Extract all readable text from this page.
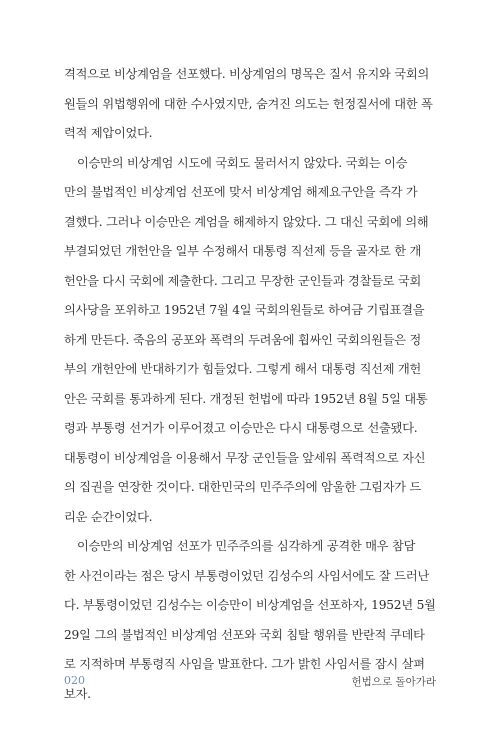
격적으로 비상계엄을 선포했다. 비상계엄의 명목은 질서 유지와 국회의
원들의 위법행위에 대한 수사였지만, 숨겨진 의도는 헌정질서에 대한 폭
력적 제압이었다.
이승만의 비상계엄 시도에 국회도 물러서지 않았다. 국회는 이승
만의 불법적인 비상계엄 선포에 맞서 비상계엄 해제요구안을 즉각 가
결했다. 그러나 이승만은 계엄을 해제하지 않았다. 그 대신 국회에 의해
부결되었던 개헌안을 일부 수정해서 대통령 직선제 등을 골자로 한 개
헌안을 다시 국회에 제출한다. 그리고 무장한 군인들과 경찰들로 국회
의사당을 포위하고 1952년 7월 4일 국회의원들로 하여금 기립표결을
하게 만든다. 죽음의 공포와 폭력의 두려움에 휩싸인 국회의원들은 정
부의 개헌안에 반대하기가 힘들었다. 그렇게 해서 대통령 직선제 개헌
안은 국회를 통과하게 된다. 개정된 헌법에 따라 1952년 8월 5일 대통
령과 부통령 선거가 이루어졌고 이승만은 다시 대통령으로 선출됐다.
대통령이 비상계엄을 이용해서 무장 군인들을 앞세워 폭력적으로 자신
의 집권을 연장한 것이다. 대한민국의 민주주의에 암울한 그림자가 드
리운 순간이었다.
이승만의 비상계엄 선포가 민주주의를 심각하게 공격한 매우 참담
한 사건이라는 점은 당시 부통령이었던 김성수의 사임서에도 잘 드러난
다. 부통령이었던 김성수는 이승만이 비상계엄을 선포하자, 1952년 5월
29일 그의 불법적인 비상계엄 선포와 국회 침탈 행위를 반란적 쿠데타
로 지적하며 부통령직 사임을 발표한다. 그가 밝힌 사임서를 잠시 살펴
보자.
020	헌법으로 돌아가라
